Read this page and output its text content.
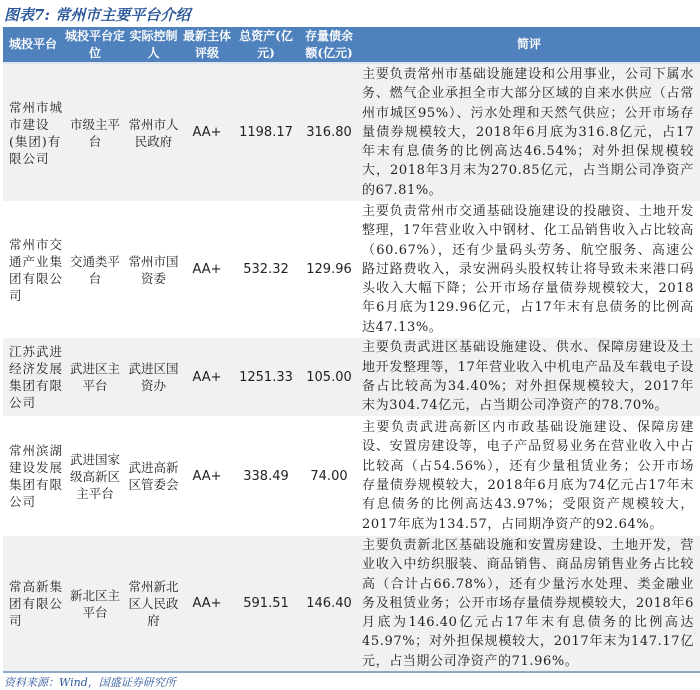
图表7: 常州市主要平台介绍
城投平台	城投平台定位	实际控制人	最新主体评级	总资产(亿元)	存量债余额(亿元)	简评
常州市城市建设(集团)有限公司	市级主平台	常州市人民政府	AA+	1198.17	316.80	主要负责常州市基础设施建设和公用事业，公司下属水务、燃气企业承担全市大部分区域的自来水供应（占常州市城区95%）、污水处理和天然气供应；公开市场存量债券规模较大，2018年6月底为316.8亿元，占17年末有息债务的比例高达46.54%；对外担保规模较大，2018年3月末为270.85亿元，占当期公司净资产的67.81%。
常州市交通产业集团有限公司	交通类平台	常州市国资委	AA+	532.32	129.96	主要负责常州市交通基础设施建设的投融资、土地开发整理，17年营业收入中钢材、化工品销售收入占比较高（60.67%），还有少量码头劳务、航空服务、高速公路过路费收入，录安洲码头股权转让将导致未来港口码头收入大幅下降；公开市场存量债券规模较大，2018年6月底为129.96亿元，占17年末有息债务的比例高达47.13%。
江苏武进经济发展集团有限公司	武进区主平台	武进区国资办	AA+	1251.33	105.00	主要负责武进区基础设施建设、供水、保障房建设及土地开发整理等，17年营业收入中机电产品及车载电子设备占比较高为34.40%；对外担保规模较大，2017年末为304.74亿元，占当期公司净资产的78.70%。
常州滨湖建设发展集团有限公司	武进国家级高新区主平台	武进高新区管委会	AA+	338.49	74.00	主要负责武进高新区内市政基础设施建设、保障房建设、安置房建设等，电子产品贸易业务在营业收入中占比较高（占54.56%），还有少量租赁业务；公开市场存量债券规模较大，2018年6月底为74亿元占17年末有息债务的比例高达43.97%；受限资产规模较大，2017年底为134.57，占同期净资产的92.64%。
常高新集团有限公司	新北区主平台	常州新北区人民政府	AA+	591.51	146.40	主要负责新北区基础设施和安置房建设、土地开发，营业收入中纺织服装、商品销售、商品房销售业务占比较高（合计占66.78%），还有少量污水处理、类金融业务及租赁业务；公开市场存量债券规模较大，2018年6月底为146.40亿元占17年末有息债务的比例高达45.97%；对外担保规模较大，2017年末为147.17亿元，占当期公司净资产的71.96%。
资料来源：Wind，国盛证券研究所
